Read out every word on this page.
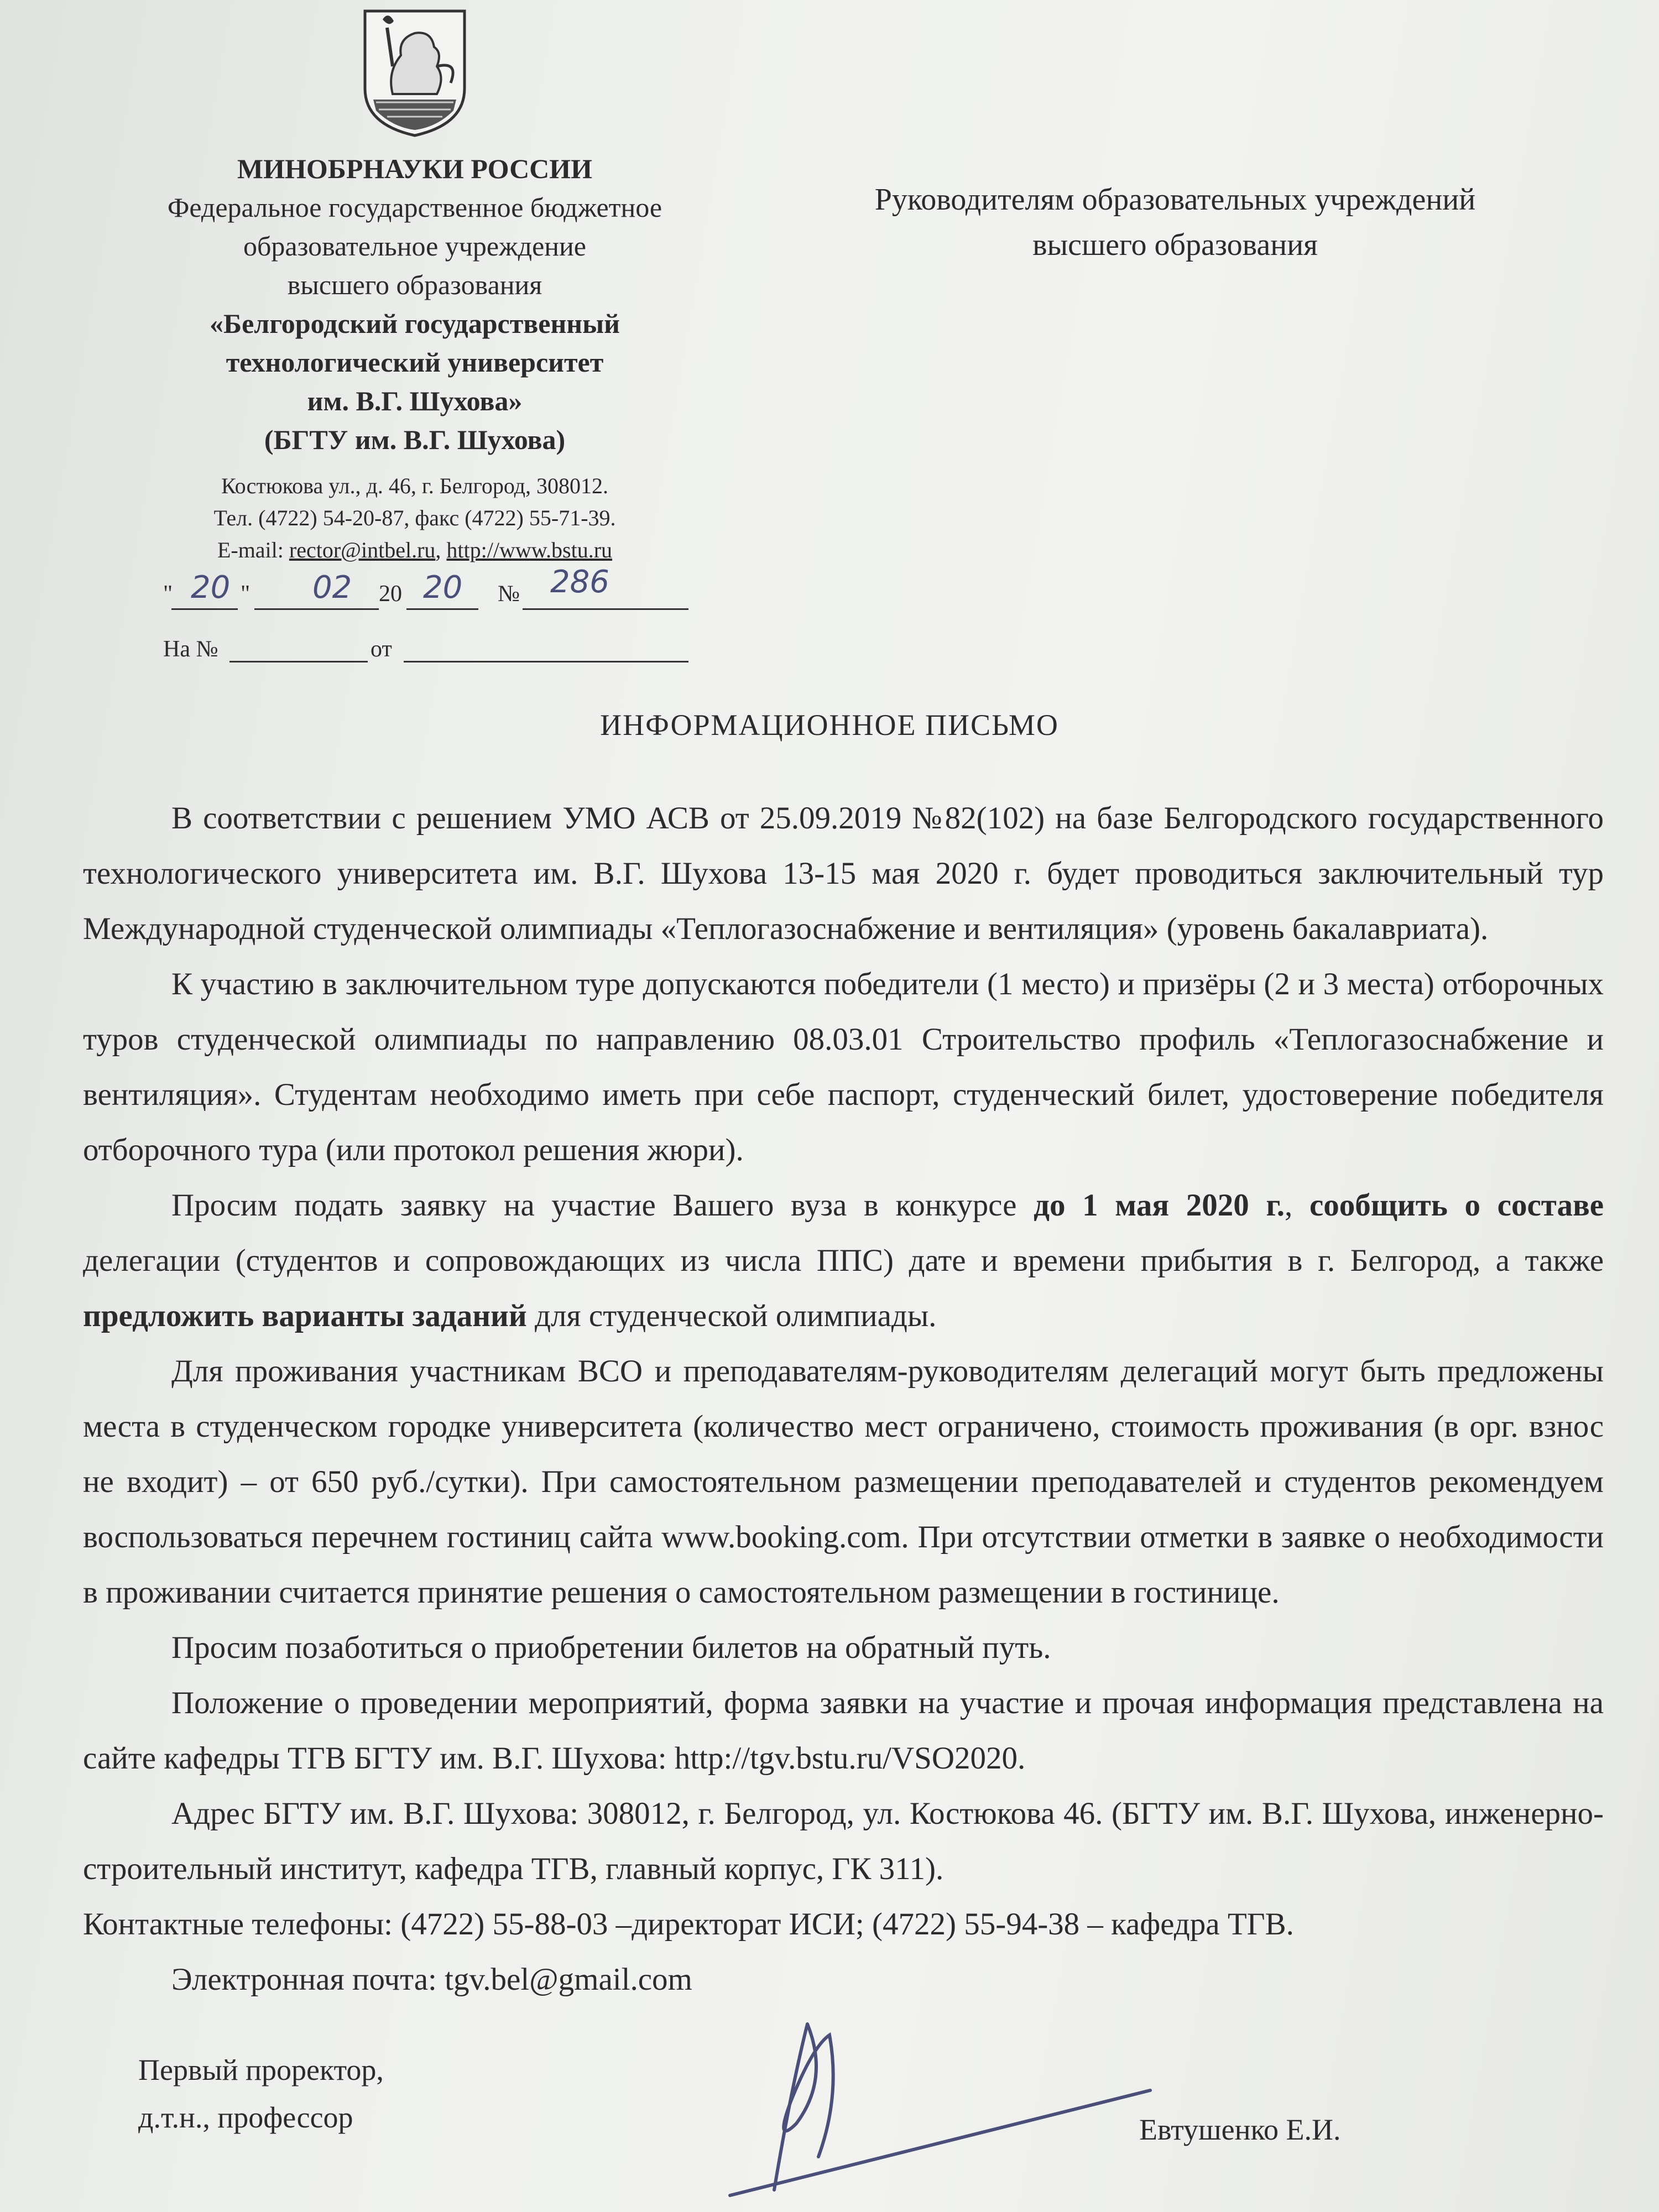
МИНОБРНАУКИ РОССИИ
Федеральное государственное бюджетное
образовательное учреждение
высшего образования
«Белгородский государственный
технологический университет
им. В.Г. Шухова»
(БГТУ им. В.Г. Шухова)
Костюкова ул., д. 46, г. Белгород, 308012.
Тел. (4722) 54-20-87, факс (4722) 55-71-39.
E-mail: rector@intbel.ru, http://www.bstu.ru
" 20 " 02 20 20 № 286
На №	от
Руководителям образовательных учреждений
высшего образования
ИНФОРМАЦИОННОЕ ПИСЬМО

В соответствии с решением УМО АСВ от 25.09.2019 №82(102) на базе Белгородского государственного технологического университета им. В.Г. Шухова 13-15 мая 2020 г. будет проводиться заключительный тур Международной студенческой олимпиады «Теплогазоснабжение и вентиляция» (уровень бакалавриата).

К участию в заключительном туре допускаются победители (1 место) и призёры (2 и 3 места) отборочных туров студенческой олимпиады по направлению 08.03.01 Строительство профиль «Теплогазоснабжение и вентиляция». Студентам необходимо иметь при себе паспорт, студенческий билет, удостоверение победителя отборочного тура (или протокол решения жюри).

Просим подать заявку на участие Вашего вуза в конкурсе до 1 мая 2020 г., сообщить о составе делегации (студентов и сопровождающих из числа ППС) дате и времени прибытия в г. Белгород, а также предложить варианты заданий для студенческой олимпиады.

Для проживания участникам ВСО и преподавателям-руководителям делегаций могут быть предложены места в студенческом городке университета (количество мест ограничено, стоимость проживания (в орг. взнос не входит) – от 650 руб./сутки). При самостоятельном размещении преподавателей и студентов рекомендуем воспользоваться перечнем гостиниц сайта www.booking.com. При отсутствии отметки в заявке о необходимости в проживании считается принятие решения о самостоятельном размещении в гостинице.

Просим позаботиться о приобретении билетов на обратный путь.

Положение о проведении мероприятий, форма заявки на участие и прочая информация представлена на сайте кафедры ТГВ БГТУ им. В.Г. Шухова: http://tgv.bstu.ru/VSO2020.

Адрес БГТУ им. В.Г. Шухова: 308012, г. Белгород, ул. Костюкова 46. (БГТУ им. В.Г. Шухова, инженерно-строительный институт, кафедра ТГВ, главный корпус, ГК 311).

Контактные телефоны: (4722) 55-88-03 –директорат ИСИ; (4722) 55-94-38 – кафедра ТГВ.

Электронная почта: tgv.bel@gmail.com

Первый проректор,
д.т.н., профессор	Евтушенко Е.И.
